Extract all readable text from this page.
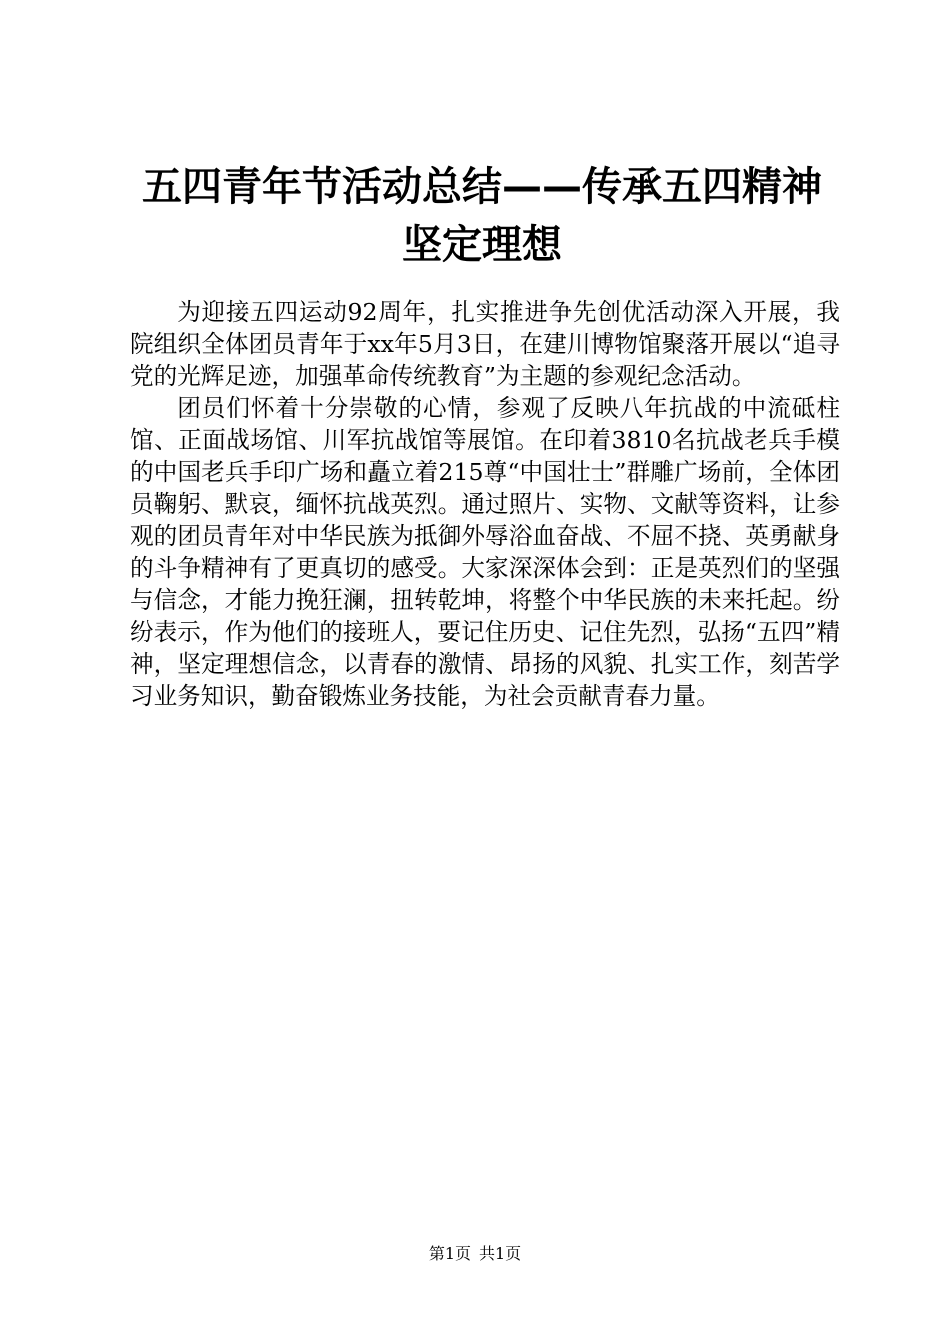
五四青年节活动总结——传承五四精神坚定理想

为迎接五四运动92周年，扎实推进争先创优活动深入开展，我院组织全体团员青年于xx年5月3日，在建川博物馆聚落开展以“追寻党的光辉足迹，加强革命传统教育”为主题的参观纪念活动。

团员们怀着十分崇敬的心情，参观了反映八年抗战的中流砥柱馆、正面战场馆、川军抗战馆等展馆。在印着3810名抗战老兵手模的中国老兵手印广场和矗立着215尊“中国壮士”群雕广场前，全体团员鞠躬、默哀，缅怀抗战英烈。通过照片、实物、文献等资料，让参观的团员青年对中华民族为抵御外辱浴血奋战、不屈不挠、英勇献身的斗争精神有了更真切的感受。大家深深体会到：正是英烈们的坚强与信念，才能力挽狂澜，扭转乾坤，将整个中华民族的未来托起。纷纷表示，作为他们的接班人，要记住历史、记住先烈，弘扬“五四”精神，坚定理想信念，以青春的激情、昂扬的风貌、扎实工作，刻苦学习业务知识，勤奋锻炼业务技能，为社会贡献青春力量。

第1页 共1页
